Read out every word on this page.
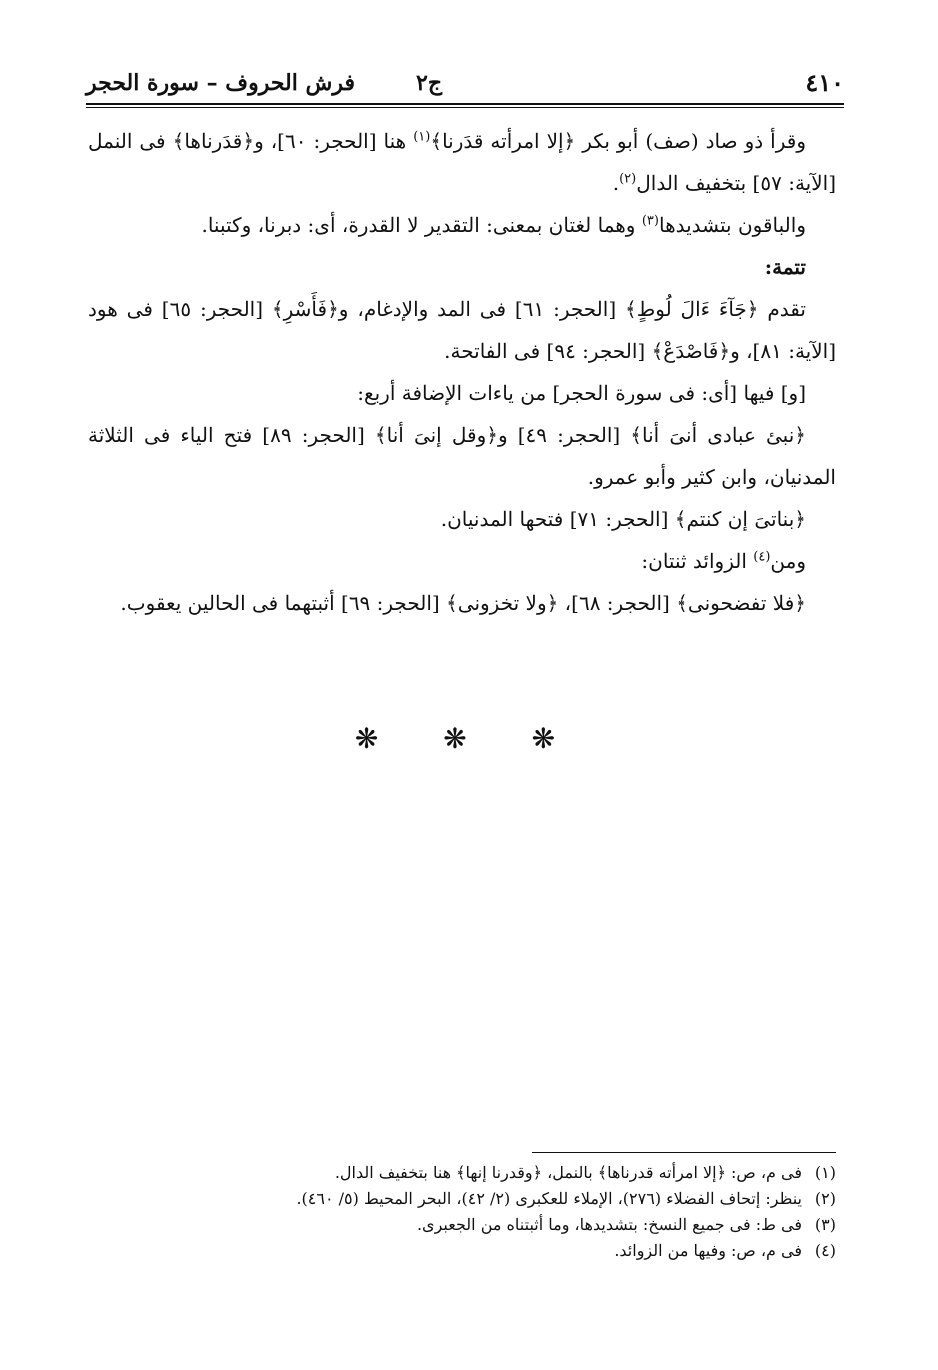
٤١٠
ج٢
فرش الحروف – سورة الحجر

وقرأ ذو صاد (صف) أبو بكر ﴿إلا امرأته قدَرنا﴾$^{(١)}$ هنا [الحجر: ٦٠]، و﴿قدَرناها﴾ فى النمل [الآية: ٥٧] بتخفيف الدال$^{(٢)}$.

والباقون بتشديدها$^{(٣)}$ وهما لغتان بمعنى: التقدير لا القدرة، أى: دبرنا، وكتبنا.

تتمة:

تقدم ﴿جَآءَ ءَالَ لُوطٍ﴾ [الحجر: ٦١] فى المد والإدغام، و﴿فَأَسْرِ﴾ [الحجر: ٦٥] فى هود [الآية: ٨١]، و﴿فَاصْدَعْ﴾ [الحجر: ٩٤] فى الفاتحة.

[و] فيها [أى: فى سورة الحجر] من ياءات الإضافة أربع:

﴿نبئ عبادى أنىَ أنا﴾ [الحجر: ٤٩] و﴿وقل إنىَ أنا﴾ [الحجر: ٨٩] فتح الياء فى الثلاثة المدنيان، وابن كثير وأبو عمرو.

﴿بناتىَ إن كنتم﴾ [الحجر: ٧١] فتحها المدنيان.

ومن$^{(٤)}$ الزوائد ثنتان:

﴿فلا تفضحونى﴾ [الحجر: ٦٨]، ﴿ولا تخزونى﴾ [الحجر: ٦٩] أثبتهما فى الحالين يعقوب.

❋ ❋ ❋
(١)فى م، ص: ﴿إلا امرأته قدرناها﴾ بالنمل، ﴿وقدرنا إنها﴾ هنا بتخفيف الدال.
(٢)ينظر: إتحاف الفضلاء (٢٧٦)، الإملاء للعكبرى (٢/ ٤٢)، البحر المحيط (٥/ ٤٦٠).
(٣)فى ط: فى جميع النسخ: بتشديدها، وما أثبتناه من الجعبرى.
(٤)فى م، ص: وفيها من الزوائد.
